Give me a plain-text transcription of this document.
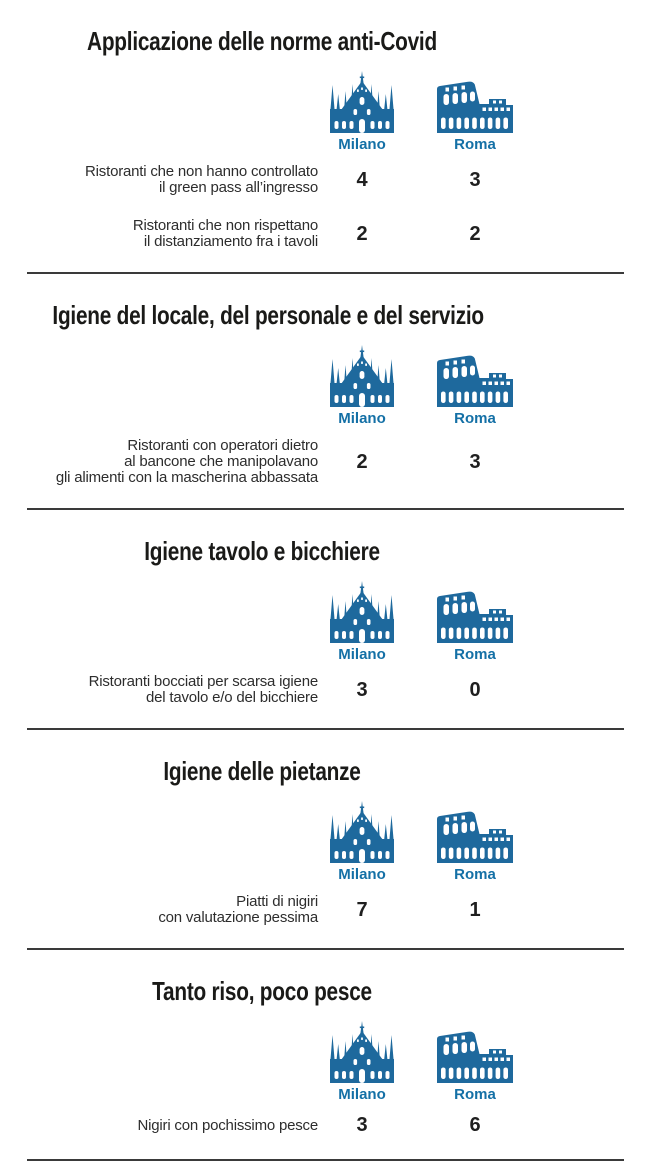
Applicazione delle norme anti-Covid
Milano	Roma
Ristoranti che non hanno controllato
il green pass all’ingresso	4	3
Ristoranti che non rispettano
il distanziamento fra i tavoli	2	2
Igiene del locale, del personale e del servizio
Milano	Roma
Ristoranti con operatori dietro
al bancone che manipolavano
gli alimenti con la mascherina abbassata
2	3
Igiene tavolo e bicchiere
Milano	Roma
Ristoranti bocciati per scarsa igiene
del tavolo e/o del bicchiere	3	0
Igiene delle pietanze
Milano	Roma
Piatti di nigiri
con valutazione pessima	7	1
Tanto riso, poco pesce
Milano	Roma
Nigiri con pochissimo pesce	3	6
